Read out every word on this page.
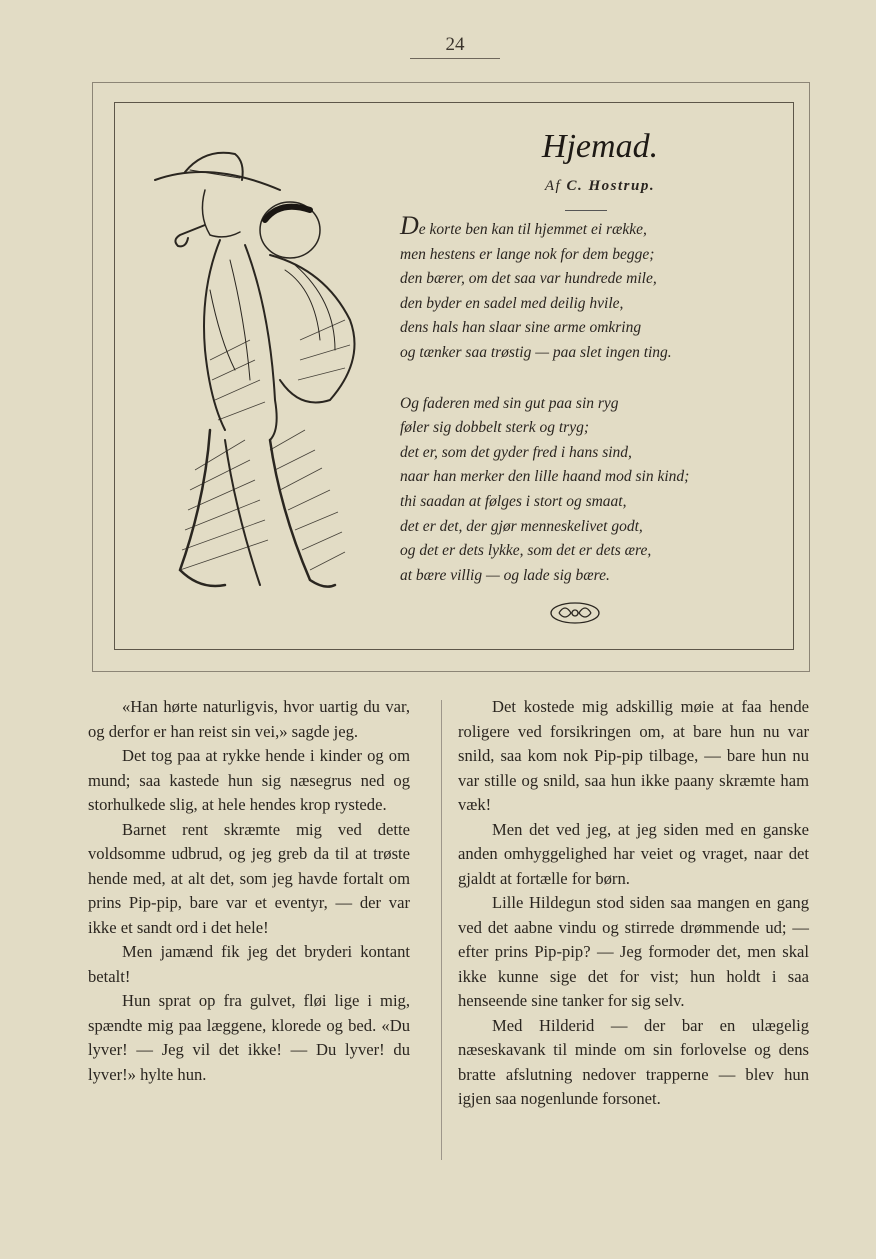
24
Hjemad.
Af C. Hostrup.
De korte ben kan til hjemmet ei række,
men hestens er lange nok for dem begge;
den bærer, om det saa var hundrede mile,
den byder en sadel med deilig hvile,
dens hals han slaar sine arme omkring
og tænker saa trøstig — paa slet ingen ting.
Og faderen med sin gut paa sin ryg
føler sig dobbelt sterk og tryg;
det er, som det gyder fred i hans sind,
naar han merker den lille haand mod sin kind;
thi saadan at følges i stort og smaat,
det er det, der gjør menneskelivet godt,
og det er dets lykke, som det er dets ære,
at bære villig — og lade sig bære.

«Han hørte naturligvis, hvor uartig du var, og derfor er han reist sin vei,» sagde jeg.

Det tog paa at rykke hende i kinder og om mund; saa kastede hun sig næsegrus ned og storhulkede slig, at hele hendes krop rystede.

Barnet rent skræmte mig ved dette voldsomme udbrud, og jeg greb da til at trøste hende med, at alt det, som jeg havde fortalt om prins Pip-pip, bare var et eventyr, — der var ikke et sandt ord i det hele!

Men jamænd fik jeg det bryderi kontant betalt!

Hun sprat op fra gulvet, fløi lige i mig, spændte mig paa læggene, klorede og bed. «Du lyver! — Jeg vil det ikke! — Du lyver! du lyver!» hylte hun.

Det kostede mig adskillig møie at faa hende roligere ved forsikringen om, at bare hun nu var snild, saa kom nok Pip-pip tilbage, — bare hun nu var stille og snild, saa hun ikke paany skræmte ham væk!

Men det ved jeg, at jeg siden med en ganske anden omhyggelighed har veiet og vraget, naar det gjaldt at fortælle for børn.

Lille Hildegun stod siden saa mangen en gang ved det aabne vindu og stirrede drømmende ud; — efter prins Pip-pip? — Jeg formoder det, men skal ikke kunne sige det for vist; hun holdt i saa henseende sine tanker for sig selv.

Med Hilderid — der bar en ulægelig næseskavank til minde om sin forlovelse og dens bratte afslutning nedover trapperne — blev hun igjen saa nogenlunde forsonet.
